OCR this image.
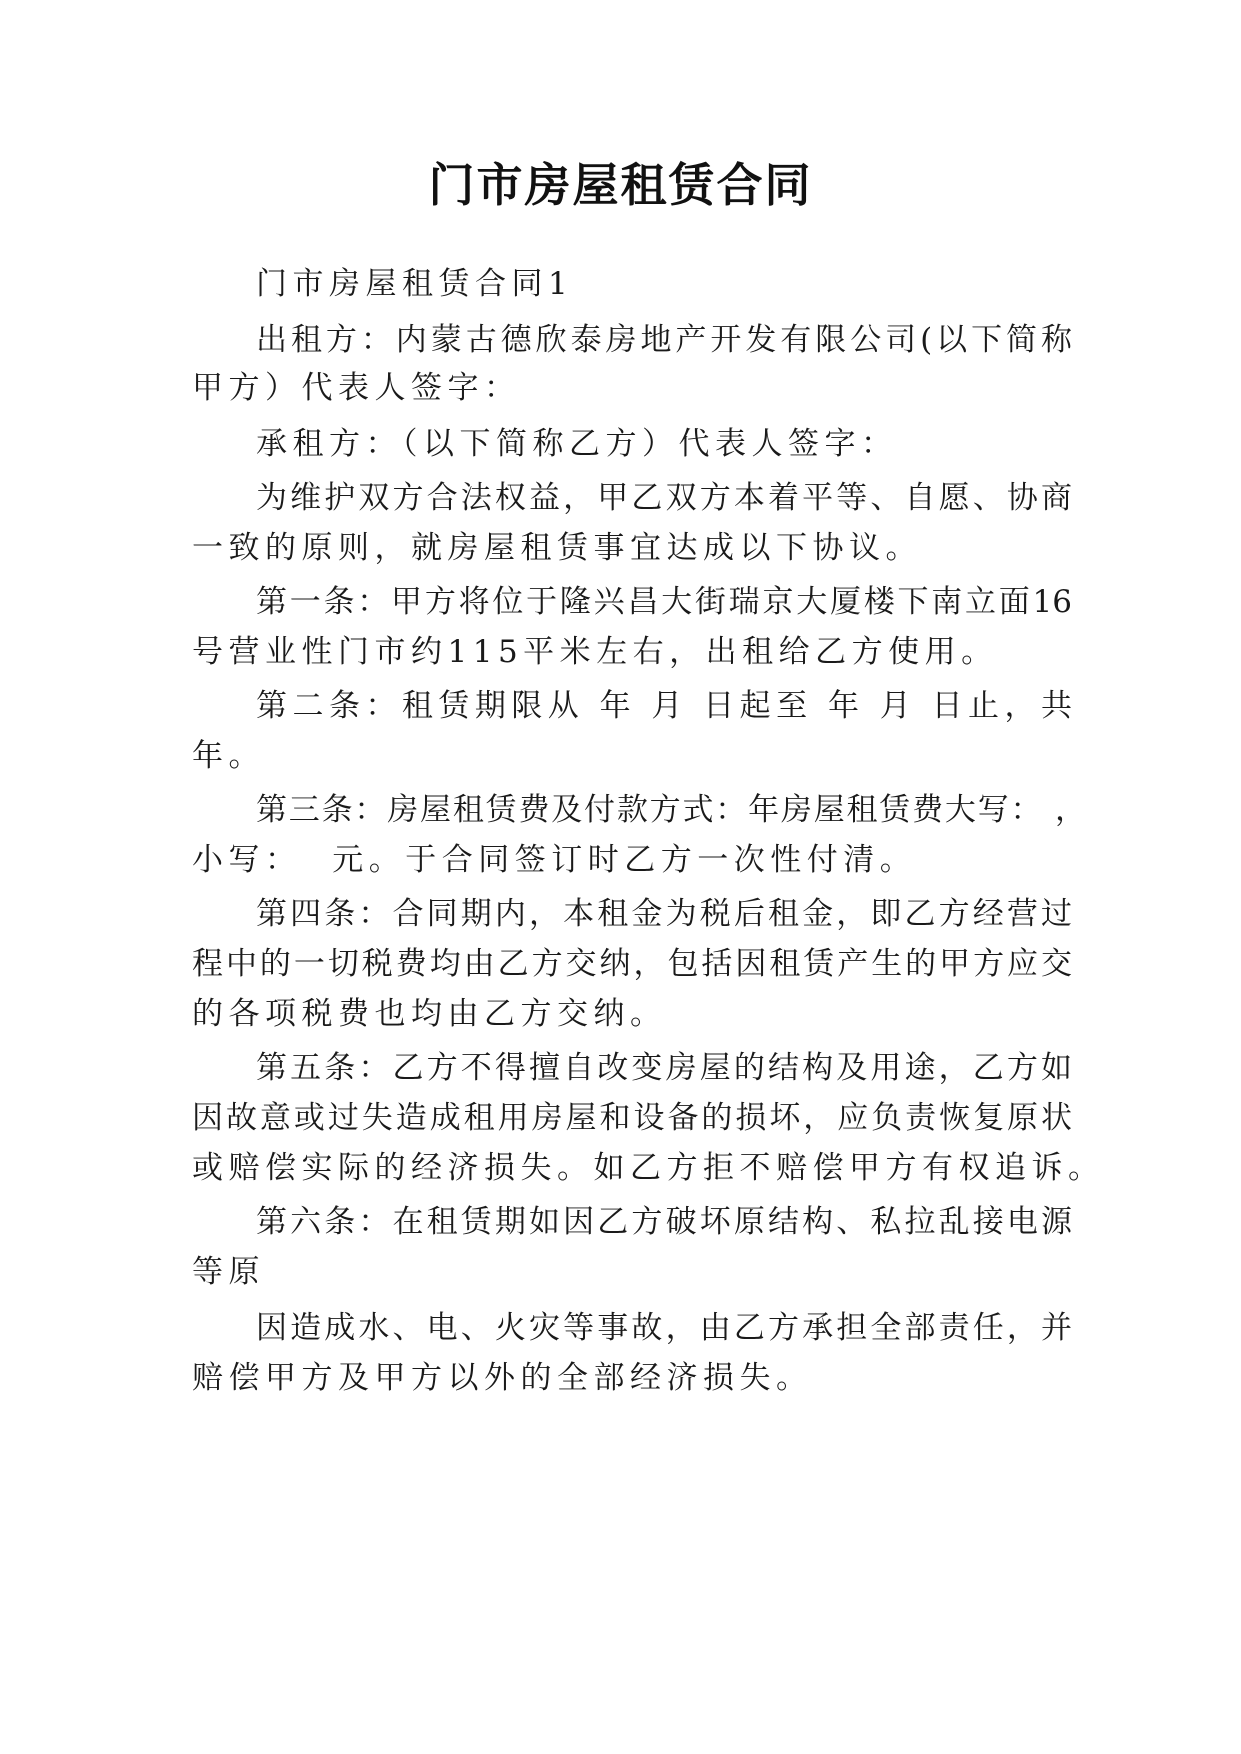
门市房屋租赁合同
门市房屋租赁合同1
出租方：内蒙古德欣泰房地产开发有限公司(以下简称
甲方）代表人签字：
承租方：（以下简称乙方）代表人签字：
为维护双方合法权益，甲乙双方本着平等、自愿、协商
一致的原则，就房屋租赁事宜达成以下协议。
第一条：甲方将位于隆兴昌大街瑞京大厦楼下南立面16
号营业性门市约115平米左右，出租给乙方使用。
第二条：租赁期限从 年 月 日起至 年 月 日止，共
年。
第三条：房屋租赁费及付款方式：年房屋租赁费大写： ，
小写：  元。于合同签订时乙方一次性付清。
第四条：合同期内，本租金为税后租金，即乙方经营过
程中的一切税费均由乙方交纳，包括因租赁产生的甲方应交
的各项税费也均由乙方交纳。
第五条：乙方不得擅自改变房屋的结构及用途，乙方如
因故意或过失造成租用房屋和设备的损坏，应负责恢复原状
或赔偿实际的经济损失。如乙方拒不赔偿甲方有权追诉。
第六条：在租赁期如因乙方破坏原结构、私拉乱接电源
等原
因造成水、电、火灾等事故，由乙方承担全部责任，并
赔偿甲方及甲方以外的全部经济损失。
